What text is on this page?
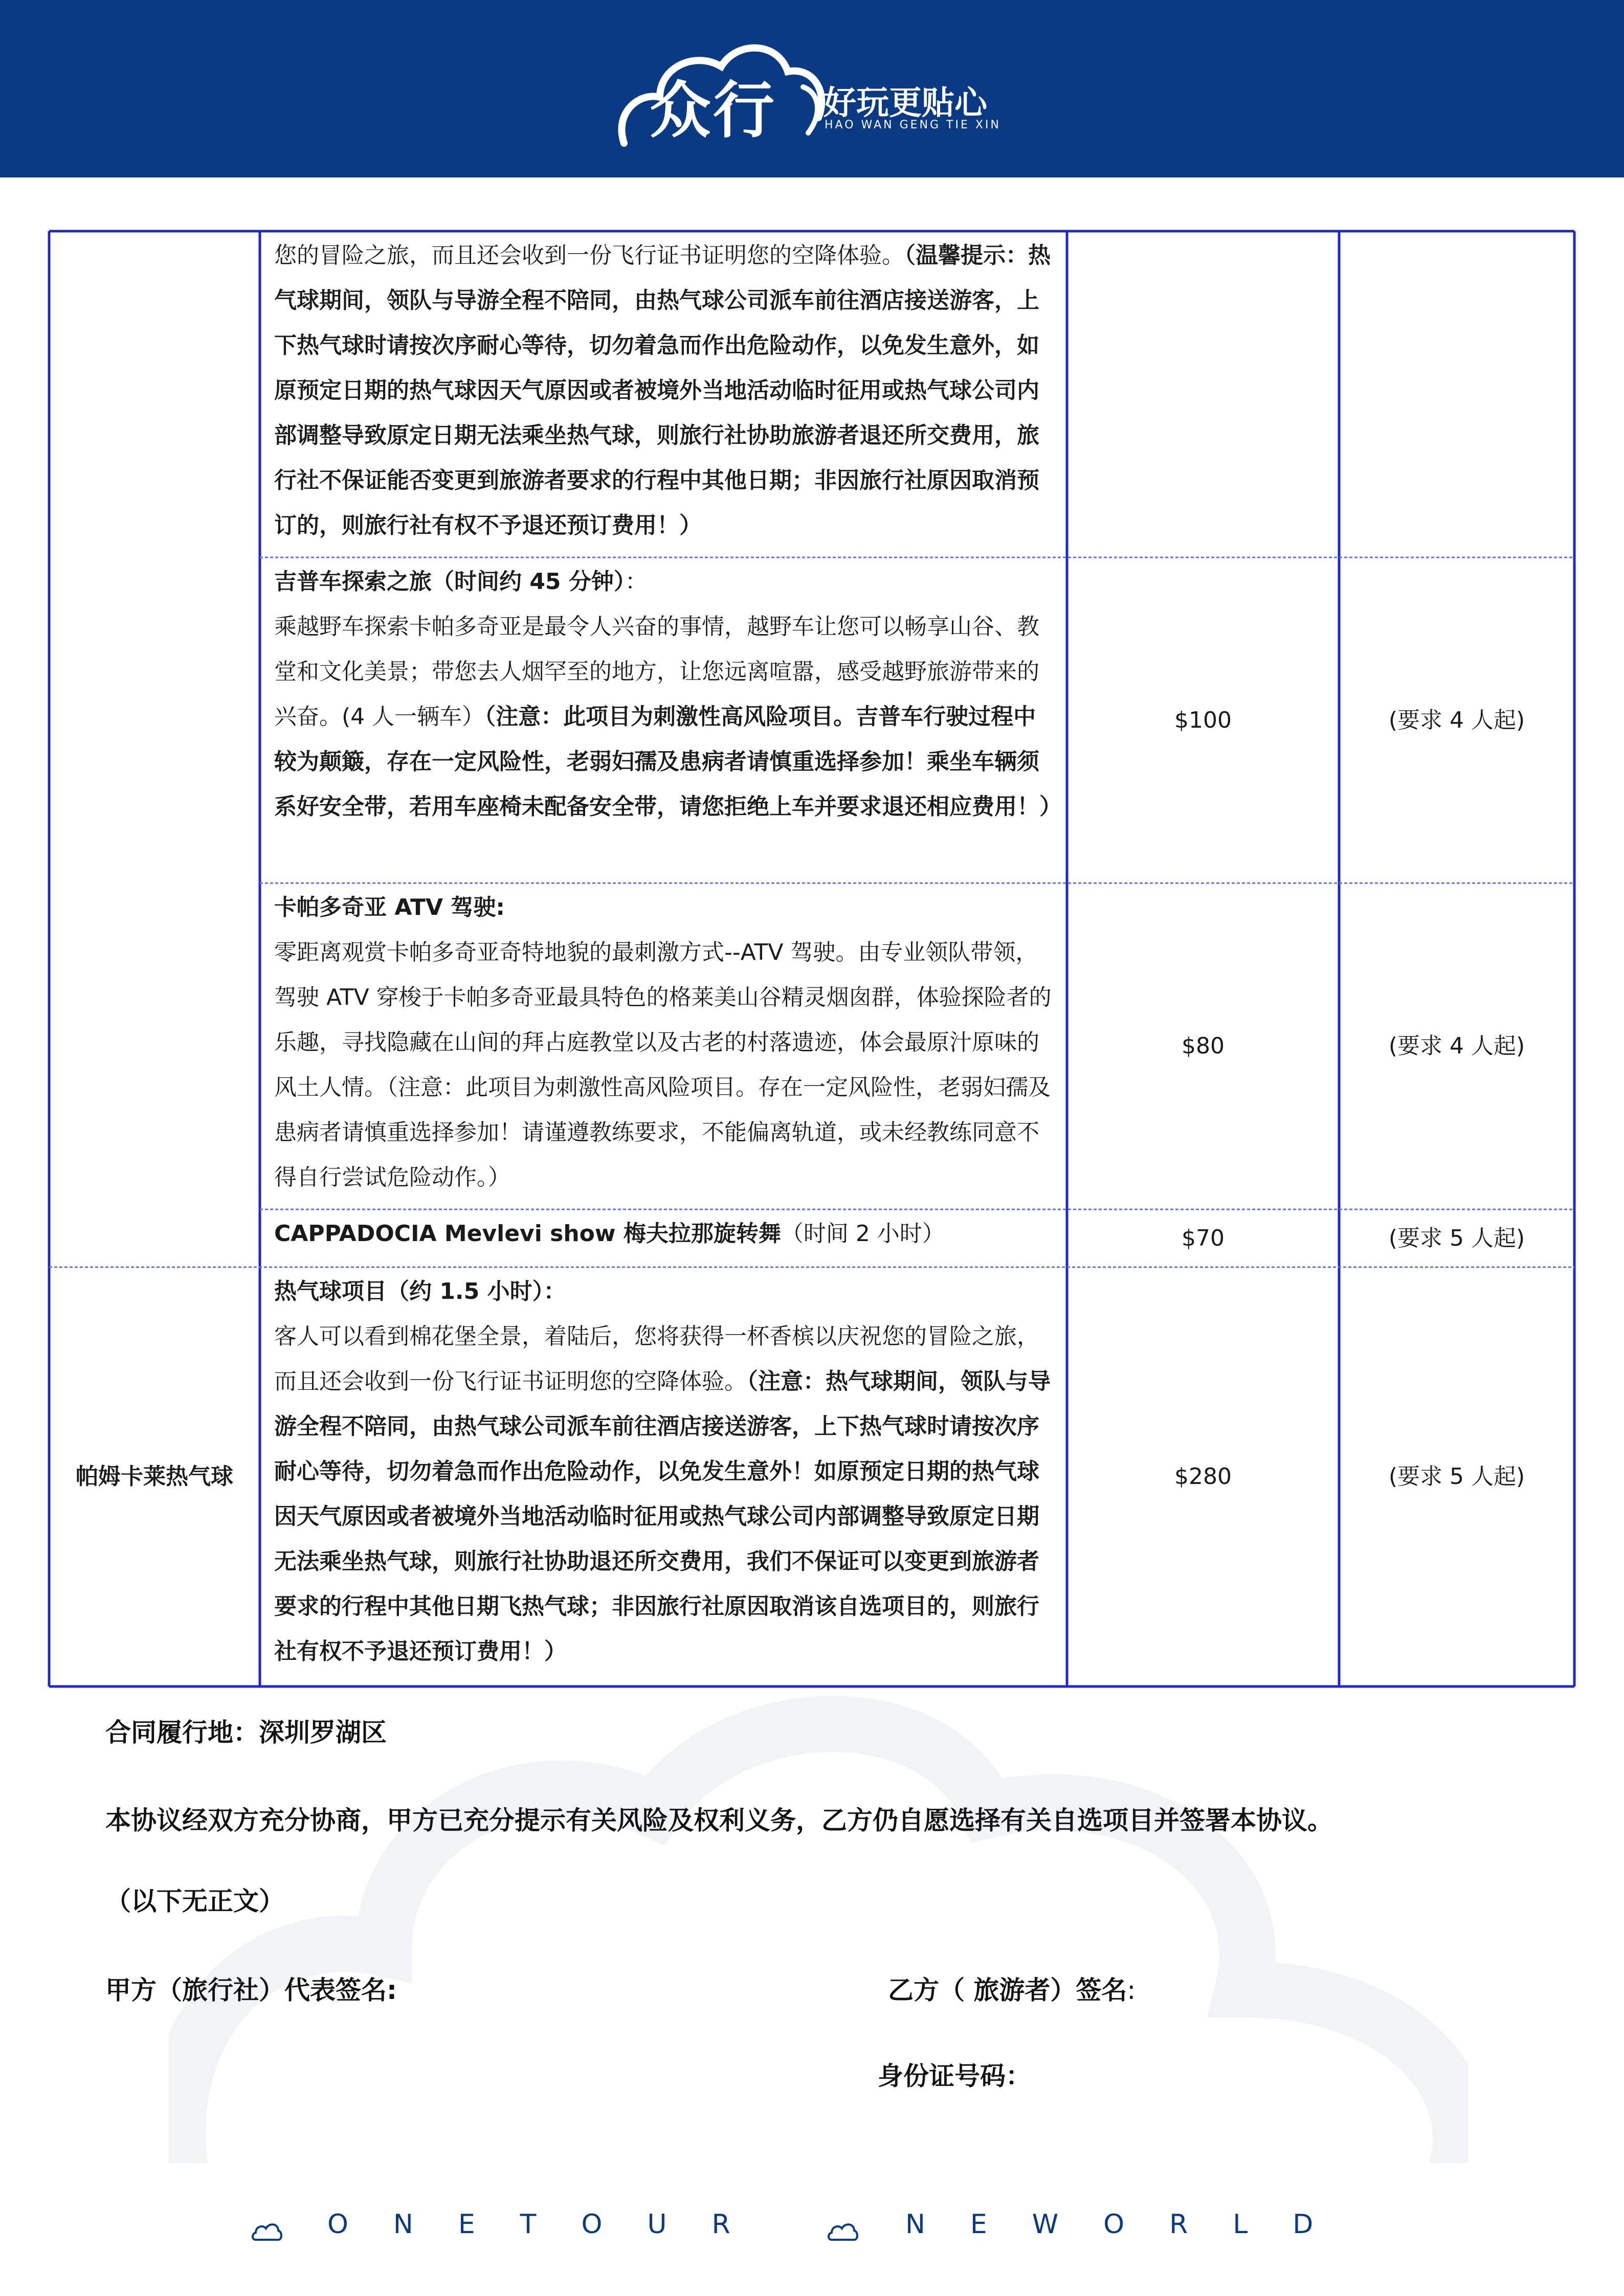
众行 好玩更贴心
HAO WAN GENG TIE XIN
您的冒险之旅，而且还会收到一份飞行证书证明您的空降体验。（温馨提示：热气球期间，领队与导游全程不陪同，由热气球公司派车前往酒店接送游客，上下热气球时请按次序耐心等待，切勿着急而作出危险动作，以免发生意外，如原预定日期的热气球因天气原因或者被境外当地活动临时征用或热气球公司内部调整导致原定日期无法乘坐热气球，则旅行社协助旅游者退还所交费用，旅行社不保证能否变更到旅游者要求的行程中其他日期；非因旅行社原因取消预订的，则旅行社有权不予退还预订费用！）
吉普车探索之旅（时间约 45 分钟）：
乘越野车探索卡帕多奇亚是最令人兴奋的事情，越野车让您可以畅享山谷、教堂和文化美景；带您去人烟罕至的地方，让您远离喧嚣，感受越野旅游带来的兴奋。(4 人一辆车）（注意：此项目为刺激性高风险项目。吉普车行驶过程中较为颠簸，存在一定风险性，老弱妇孺及患病者请慎重选择参加！乘坐车辆须系好安全带，若用车座椅未配备安全带，请您拒绝上车并要求退还相应费用！）
$100	(要求 4 人起)
卡帕多奇亚 ATV 驾驶:
零距离观赏卡帕多奇亚奇特地貌的最刺激方式--ATV 驾驶。由专业领队带领，驾驶 ATV 穿梭于卡帕多奇亚最具特色的格莱美山谷精灵烟囱群，体验探险者的乐趣，寻找隐藏在山间的拜占庭教堂以及古老的村落遗迹，体会最原汁原味的风土人情。（注意：此项目为刺激性高风险项目。存在一定风险性，老弱妇孺及患病者请慎重选择参加！请谨遵教练要求，不能偏离轨道，或未经教练同意不得自行尝试危险动作。）
$80	(要求 4 人起)
CAPPADOCIA Mevlevi show 梅夫拉那旋转舞（时间 2 小时）	$70	(要求 5 人起)
帕姆卡莱热气球
热气球项目（约 1.5 小时）：
客人可以看到棉花堡全景，着陆后，您将获得一杯香槟以庆祝您的冒险之旅，而且还会收到一份飞行证书证明您的空降体验。（注意：热气球期间，领队与导游全程不陪同，由热气球公司派车前往酒店接送游客，上下热气球时请按次序耐心等待，切勿着急而作出危险动作，以免发生意外！如原预定日期的热气球因天气原因或者被境外当地活动临时征用或热气球公司内部调整导致原定日期无法乘坐热气球，则旅行社协助退还所交费用，我们不保证可以变更到旅游者要求的行程中其他日期飞热气球；非因旅行社原因取消该自选项目的，则旅行社有权不予退还预订费用！）
$280	(要求 5 人起)
合同履行地：深圳罗湖区
本协议经双方充分协商，甲方已充分提示有关风险及权利义务，乙方仍自愿选择有关自选项目并签署本协议。
（以下无正文）
甲方（旅行社）代表签名:	乙方（ 旅游者）签名:
身份证号码：
ONETOUR	NEWORLD
